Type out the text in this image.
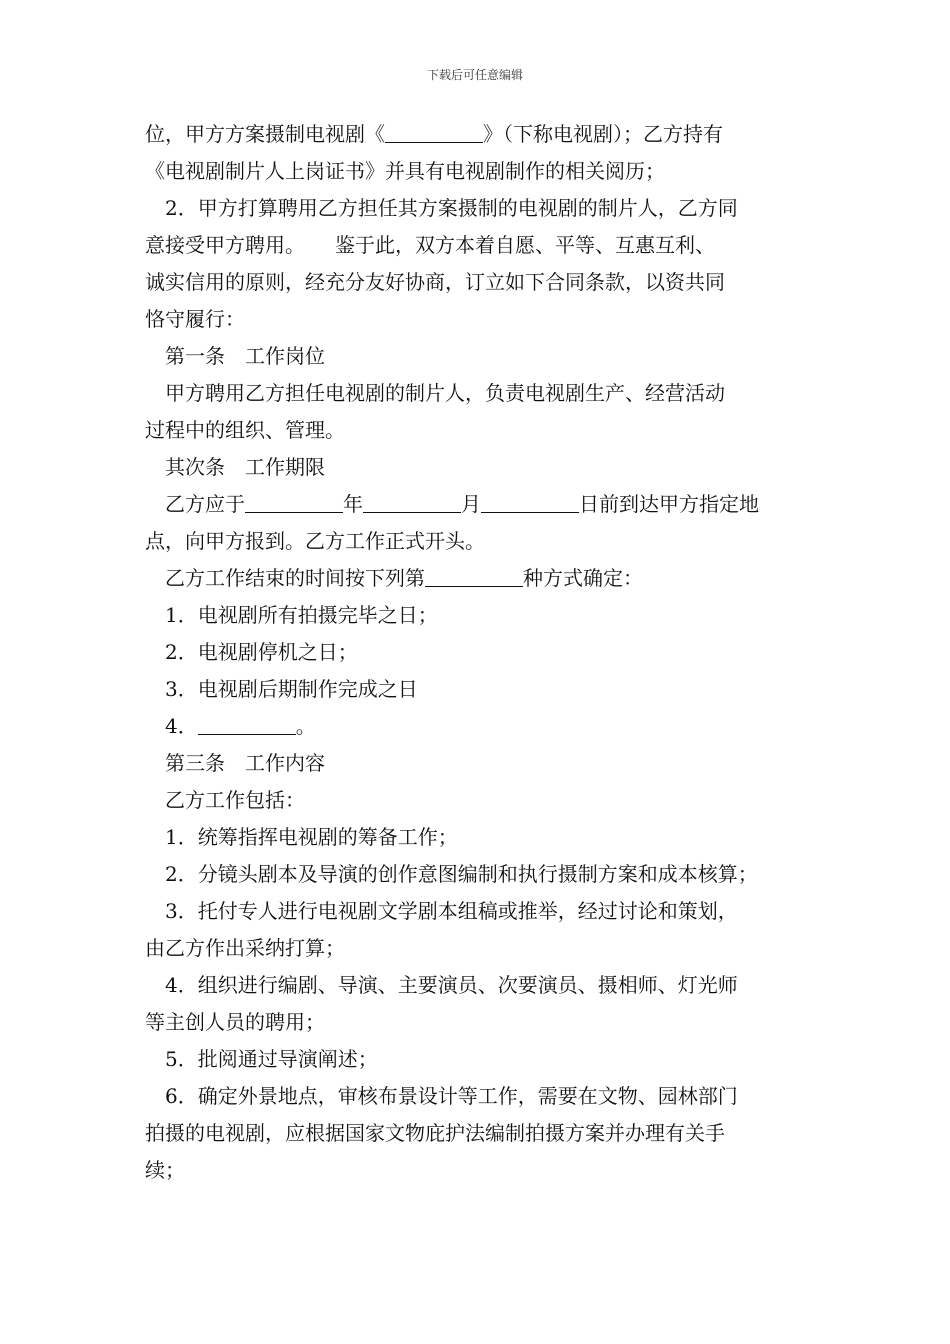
下载后可任意编辑
位，甲方方案摄制电视剧《	》（下称电视剧）；乙方持有
《电视剧制片人上岗证书》并具有电视剧制作的相关阅历；
2．甲方打算聘用乙方担任其方案摄制的电视剧的制片人，乙方同
意接受甲方聘用。　　鉴于此，双方本着自愿、平等、互惠互利、
诚实信用的原则，经充分友好协商，订立如下合同条款，以资共同
恪守履行：
第一条　工作岗位
甲方聘用乙方担任电视剧的制片人，负责电视剧生产、经营活动
过程中的组织、管理。
其次条　工作期限
乙方应于	年	月	日前到达甲方指定地
点，向甲方报到。乙方工作正式开头。
乙方工作结束的时间按下列第	种方式确定：
1．电视剧所有拍摄完毕之日；
2．电视剧停机之日；
3．电视剧后期制作完成之日
4．	。
第三条　工作内容
乙方工作包括：
1．统筹指挥电视剧的筹备工作；
2．分镜头剧本及导演的创作意图编制和执行摄制方案和成本核算；
3．托付专人进行电视剧文学剧本组稿或推举，经过讨论和策划，
由乙方作出采纳打算；
4．组织进行编剧、导演、主要演员、次要演员、摄相师、灯光师
等主创人员的聘用；
5．批阅通过导演阐述；
6．确定外景地点，审核布景设计等工作，需要在文物、园林部门
拍摄的电视剧，应根据国家文物庇护法编制拍摄方案并办理有关手
续；
